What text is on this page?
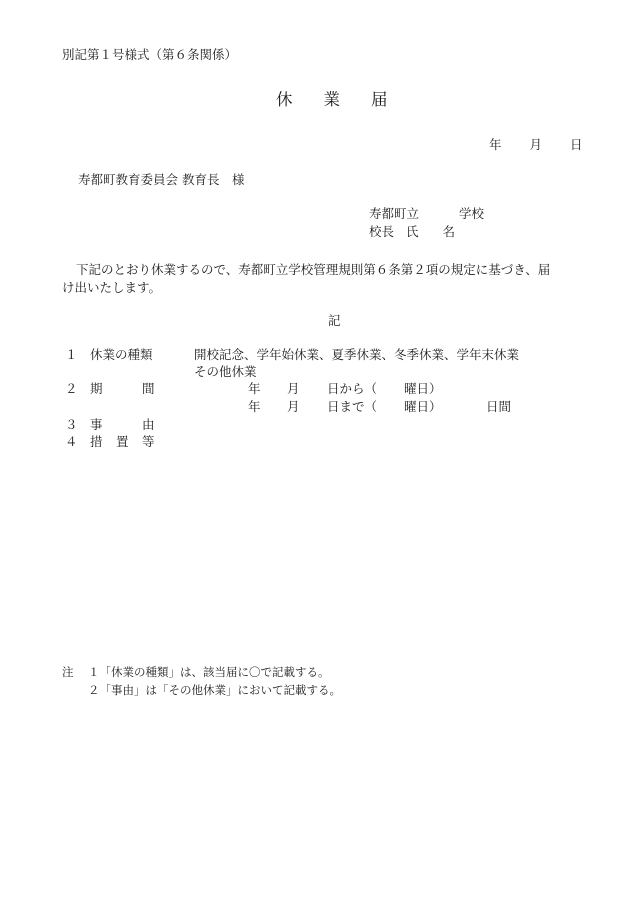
別記第１号様式（第６条関係）
休 業 届
年 月 日
寿都町教育委員会 教育長　様
寿都町立	学校
校長 氏 名
下記のとおり休業するので、寿都町立学校管理規則第６条第２項の規定に基づき、届
け出いたします。
記
１ 休業の種類	開校記念、学年始休業、夏季休業、冬季休業、学年末休業
その他休業
２ 期	間	年 月 日から（ 曜日）
年 月 日まで（ 曜日）	日間
３ 事	由
４ 措 置 等
注 １「休業の種類」は、該当届に〇で記載する。
２「事由」は「その他休業」において記載する。
